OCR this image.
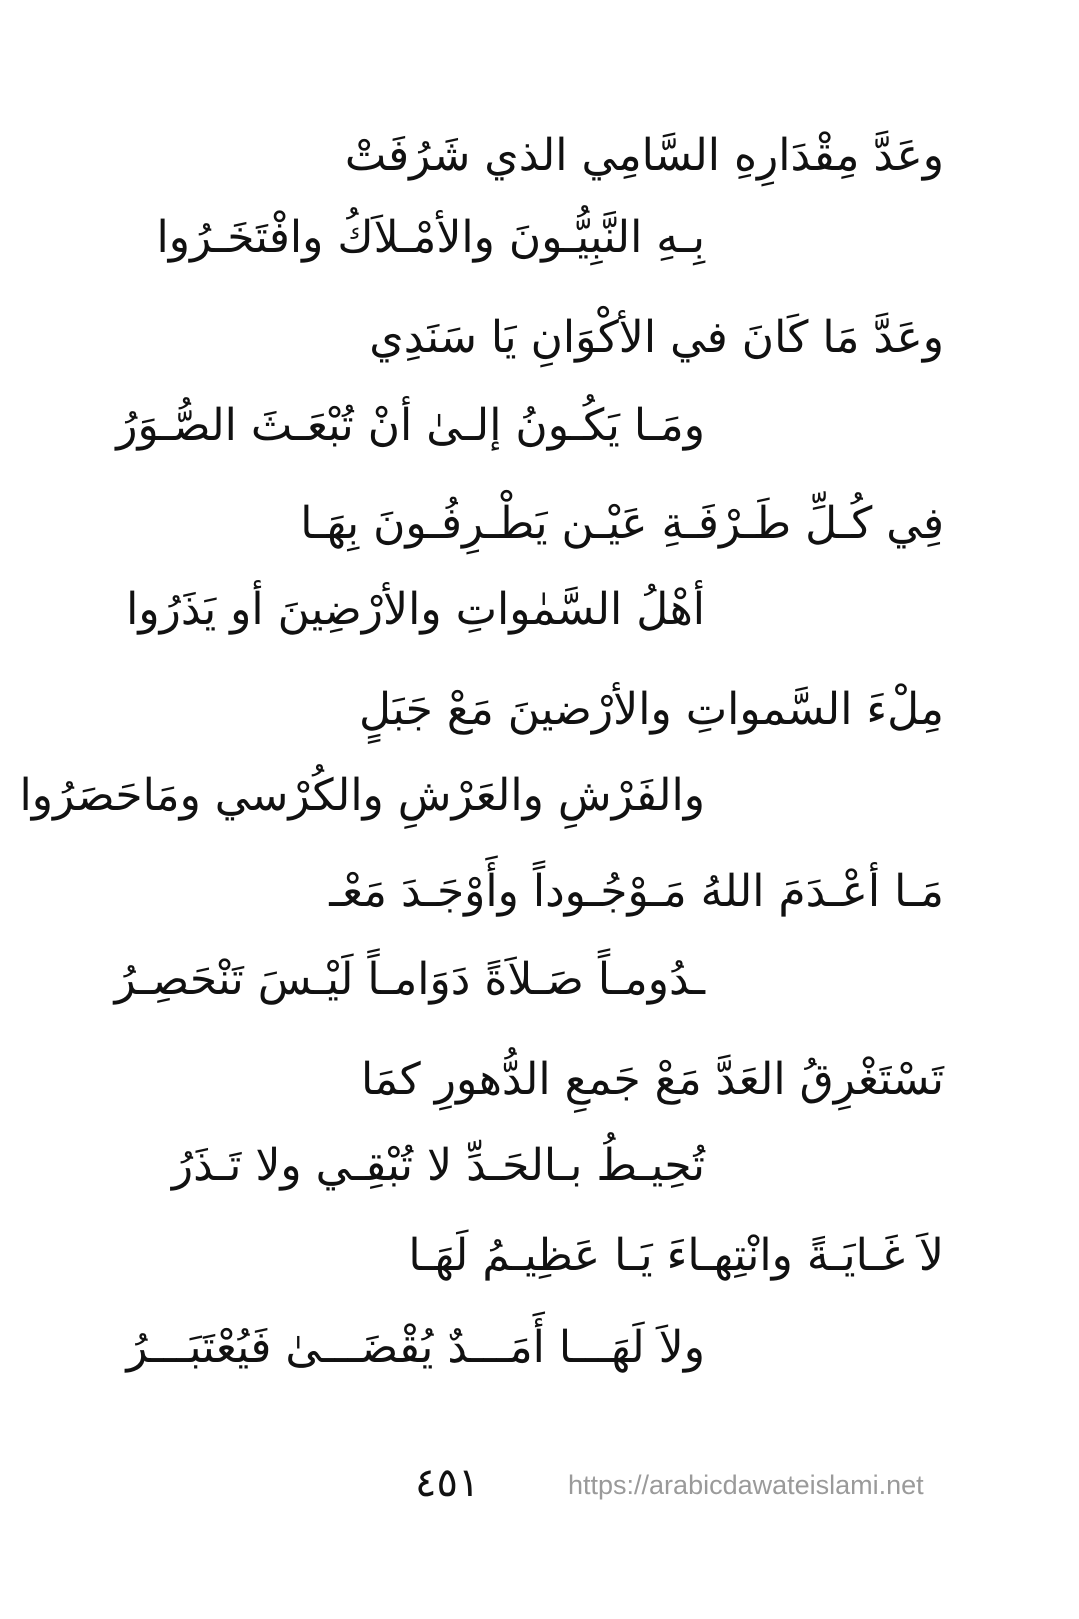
وعَدَّ مِقْدَارِهِ السَّامِي الذي شَرُفَتْ
بِـهِ النَّبِيُّـونَ والأمْـلاَكُ وافْتَخَـرُوا
وعَدَّ مَا كَانَ في الأكْوَانِ يَا سَنَدِي
ومَـا يَكُـونُ إلـىٰ أنْ تُبْعَـثَ الصُّـوَرُ
فِي كُـلِّ طَـرْفَـةِ عَيْـن يَطْـرِفُـونَ بِهَـا
أهْلُ السَّمٰواتِ والأرْضِينَ أو يَذَرُوا
مِلْءَ السَّمواتِ والأرْضينَ مَعْ جَبَلٍ
والفَرْشِ والعَرْشِ والكُرْسي ومَاحَصَرُوا
مَـا أعْـدَمَ اللهُ مَـوْجُـوداً وأَوْجَـدَ مَعْـ
ـدُومـاً صَـلاَةً دَوَامـاً لَيْـسَ تَنْحَصِـرُ
تَسْتَغْرِقُ العَدَّ مَعْ جَمعِ الدُّهورِ كمَا
تُحِيـطُ بـالحَـدِّ لا تُبْقِـي ولا تَـذَرُ
لاَ غَـايَـةً وانْتِهـاءَ يَـا عَظِيـمُ لَهَـا
ولاَ لَهَـــا أَمَـــدٌ يُقْضَـــىٰ فَيُعْتَبَـــرُ
٤٥١	https://arabicdawateislami.net
